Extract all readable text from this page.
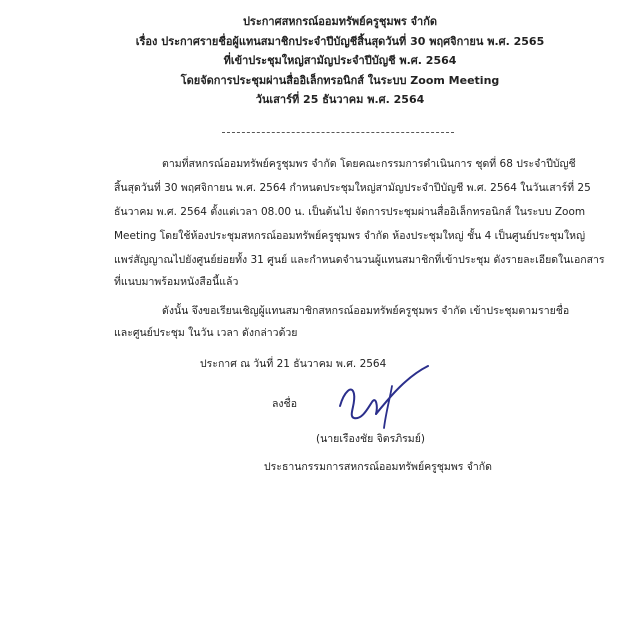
ประกาศสหกรณ์ออมทรัพย์ครูชุมพร จำกัด
เรื่อง ประกาศรายชื่อผู้แทนสมาชิกประจำปีบัญชีสิ้นสุดวันที่ 30 พฤศจิกายน พ.ศ. 2565
ที่เข้าประชุมใหญ่สามัญประจำปีบัญชี พ.ศ. 2564
โดยจัดการประชุมผ่านสื่ออิเล็กทรอนิกส์ ในระบบ Zoom Meeting
วันเสาร์ที่ 25 ธันวาคม พ.ศ. 2564
ตามที่สหกรณ์ออมทรัพย์ครูชุมพร จำกัด โดยคณะกรรมการดำเนินการ ชุดที่ 68 ประจำปีบัญชี
สิ้นสุดวันที่ 30 พฤศจิกายน พ.ศ. 2564 กำหนดประชุมใหญ่สามัญประจำปีบัญชี พ.ศ. 2564 ในวันเสาร์ที่ 25
ธันวาคม พ.ศ. 2564 ตั้งแต่เวลา 08.00 น. เป็นต้นไป จัดการประชุมผ่านสื่ออิเล็กทรอนิกส์ ในระบบ Zoom
Meeting โดยใช้ห้องประชุมสหกรณ์ออมทรัพย์ครูชุมพร จำกัด ห้องประชุมใหญ่ ชั้น 4 เป็นศูนย์ประชุมใหญ่
แพร่สัญญาณไปยังศูนย์ย่อยทั้ง 31 ศูนย์ และกำหนดจำนวนผู้แทนสมาชิกที่เข้าประชุม ดังรายละเอียดในเอกสาร
ที่แนบมาพร้อมหนังสือนี้แล้ว
ดังนั้น จึงขอเรียนเชิญผู้แทนสมาชิกสหกรณ์ออมทรัพย์ครูชุมพร จำกัด เข้าประชุมตามรายชื่อ
และศูนย์ประชุม ในวัน เวลา ดังกล่าวด้วย
ประกาศ ณ วันที่ 21 ธันวาคม พ.ศ. 2564
ลงชื่อ
(นายเรืองชัย จิตรภิรมย์)
ประธานกรรมการสหกรณ์ออมทรัพย์ครูชุมพร จำกัด
